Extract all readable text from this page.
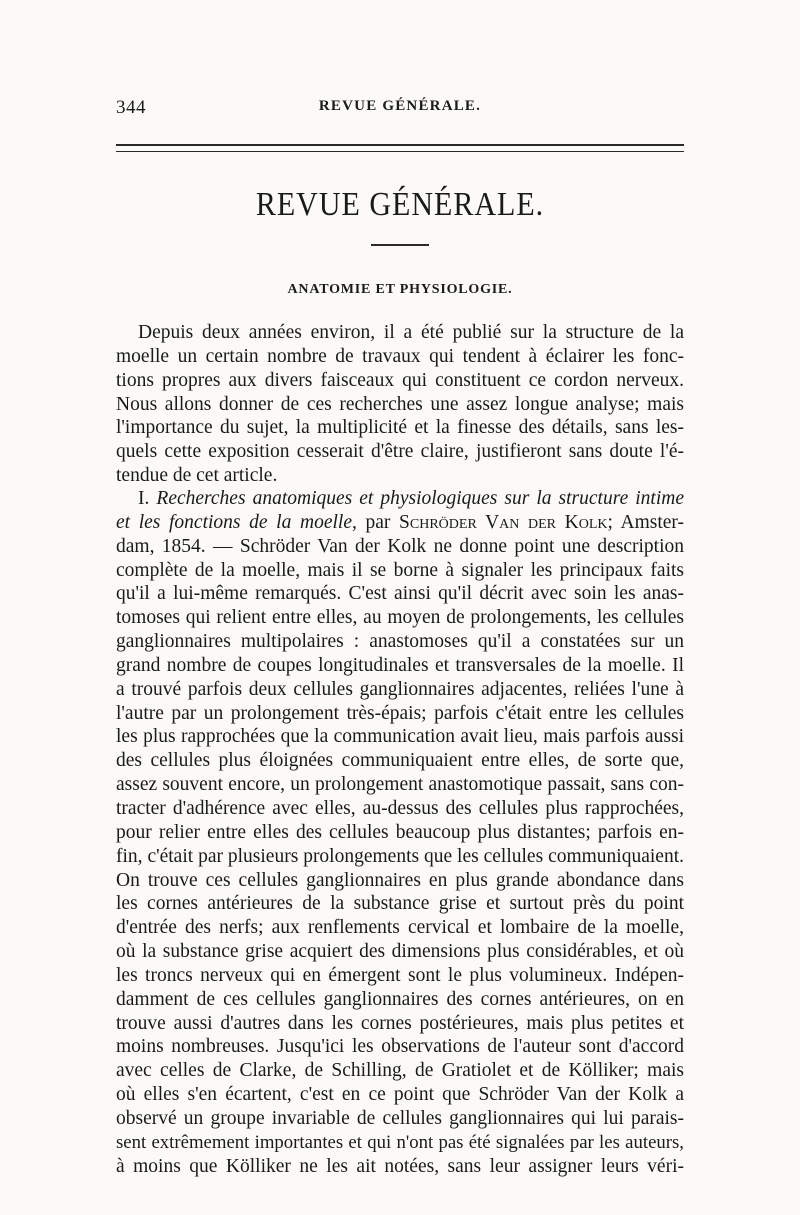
344	REVUE GÉNÉRALE.
REVUE GÉNÉRALE.
ANATOMIE ET PHYSIOLOGIE.
Depuis deux années environ, il a été publié sur la structure de la
moelle un certain nombre de travaux qui tendent à éclairer les fonc-
tions propres aux divers faisceaux qui constituent ce cordon nerveux.
Nous allons donner de ces recherches une assez longue analyse; mais
l'importance du sujet, la multiplicité et la finesse des détails, sans les-
quels cette exposition cesserait d'être claire, justifieront sans doute l'é-
tendue de cet article.
I. Recherches anatomiques et physiologiques sur la structure intime
et les fonctions de la moelle, par Schröder Van der Kolk; Amster-
dam, 1854. — Schröder Van der Kolk ne donne point une description
complète de la moelle, mais il se borne à signaler les principaux faits
qu'il a lui-même remarqués. C'est ainsi qu'il décrit avec soin les anas-
tomoses qui relient entre elles, au moyen de prolongements, les cellules
ganglionnaires multipolaires : anastomoses qu'il a constatées sur un
grand nombre de coupes longitudinales et transversales de la moelle. Il
a trouvé parfois deux cellules ganglionnaires adjacentes, reliées l'une à
l'autre par un prolongement très-épais; parfois c'était entre les cellules
les plus rapprochées que la communication avait lieu, mais parfois aussi
des cellules plus éloignées communiquaient entre elles, de sorte que,
assez souvent encore, un prolongement anastomotique passait, sans con-
tracter d'adhérence avec elles, au-dessus des cellules plus rapprochées,
pour relier entre elles des cellules beaucoup plus distantes; parfois en-
fin, c'était par plusieurs prolongements que les cellules communiquaient.
On trouve ces cellules ganglionnaires en plus grande abondance dans
les cornes antérieures de la substance grise et surtout près du point
d'entrée des nerfs; aux renflements cervical et lombaire de la moelle,
où la substance grise acquiert des dimensions plus considérables, et où
les troncs nerveux qui en émergent sont le plus volumineux. Indépen-
damment de ces cellules ganglionnaires des cornes antérieures, on en
trouve aussi d'autres dans les cornes postérieures, mais plus petites et
moins nombreuses. Jusqu'ici les observations de l'auteur sont d'accord
avec celles de Clarke, de Schilling, de Gratiolet et de Kölliker; mais
où elles s'en écartent, c'est en ce point que Schröder Van der Kolk a
observé un groupe invariable de cellules ganglionnaires qui lui parais-
sent extrêmement importantes et qui n'ont pas été signalées par les auteurs,
à moins que Kölliker ne les ait notées, sans leur assigner leurs véri-
